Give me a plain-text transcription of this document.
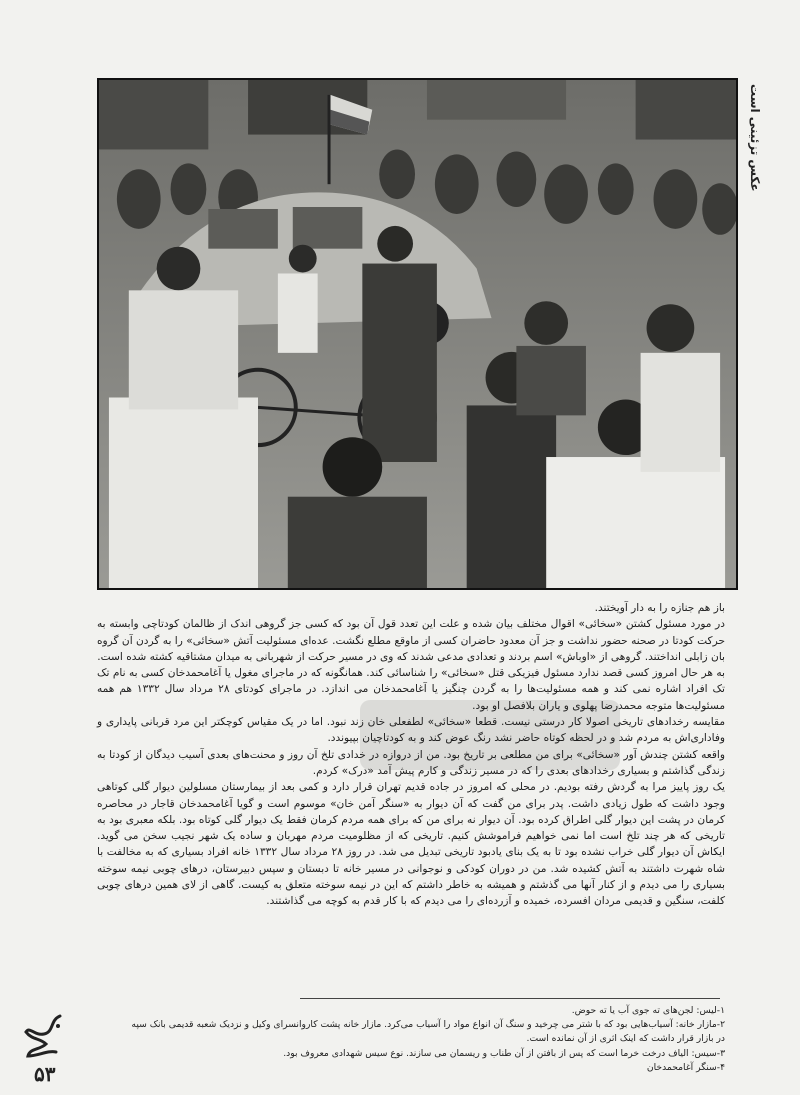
عکس تزئینی است

باز هم جنازه را به دار آویختند.

در مورد مسئول کشتن «سخائی» اقوال مختلف بیان شده و علت این تعدد قول آن بود که کسی جز گروهی اندک از ظالمان کودتاچی وابسته به حرکت کودتا در صحنه حضور نداشت و جز آن معدود حاضران کسی از ماوقع مطلع نگشت. عده‌ای مسئولیت آتش «سخائی» را به گردن آن گروه بان زابلی انداختند. گروهی از «اوباش» اسم بردند و تعدادی مدعی شدند که وی در مسیر حرکت از شهربانی به میدان مشتاقیه کشته شده است.

به هر حال امروز کسی قصد ندارد مسئول فیزیکی قتل «سخائی» را شناسائی کند. همانگونه که در ماجرای مغول یا آغامحمدخان کسی به نام تک تک افراد اشاره نمی کند و همه مسئولیت‌ها را به گردن چنگیز یا آغامحمدخان می اندازد. در ماجرای کودتای ۲۸ مرداد سال ۱۳۳۲ هم همه مسئولیت‌ها متوجه محمدرضا پهلوی و یاران بلافصل او بود.

مقایسه رخدادهای تاریخی اصولا کار درستی نیست. قطعا «سخائی» لطفعلی خان زند نبود. اما در یک مقیاس کوچکتر این مرد قربانی پایداری و وفاداری‌اش به مردم شد و در لحظه کوتاه حاضر نشد رنگ عوض کند و به کودتاچیان بپیوندد.

واقعه کشتن چندش آور «سخائی» برای من مطلعی بر تاریخ بود. من از دروازه در خدادی تلخ آن روز و محنت‌های بعدی آسیب دیدگان از کودتا به زندگی گذاشتم و بسیاری رخدادهای بعدی را که در مسیر زندگی و کارم پیش آمد «درک» کردم.

یک روز پاییز مرا به گردش رفته بودیم. در محلی که امروز در جاده قدیم تهران قرار دارد و کمی بعد از بیمارستان مسلولین دیوار گلی کوتاهی وجود داشت که طول زیادی داشت. پدر برای من گفت که آن دیوار به «سنگر آمن خان» موسوم است و گویا آغامحمدخان قاجار در محاصره کرمان در پشت این دیوار گلی اطراق کرده بود. آن دیوار نه برای من که برای همه مردم کرمان فقط یک دیوار گلی کوتاه بود. بلکه معبری بود به تاریخی که هر چند تلخ است اما نمی خواهیم فراموشش کنیم. تاریخی که از مظلومیت مردم مهربان و ساده یک شهر نجیب سخن می گوید. ایکاش آن دیوار گلی خراب نشده بود تا به یک بنای یادبود تاریخی تبدیل می شد. در روز ۲۸ مرداد سال ۱۳۳۲ خانه افراد بسیاری که به مخالفت با شاه شهرت داشتند به آتش کشیده شد. من در دوران کودکی و نوجوانی در مسیر خانه تا دبستان و سپس دبیرستان، درهای چوبی نیمه سوخته بسیاری را می دیدم و از کنار آنها می گذشتم و همیشه به خاطر داشتم که این در نیمه سوخته متعلق به کیست. گاهی از لای همین درهای چوبی کلفت، سنگین و قدیمی مردان افسرده، خمیده و آزرده‌ای را می دیدم که با کار قدم به کوچه می گذاشتند.

۱-لیس: لجن‌های ته جوی آب یا ته حوض.

۲-مازار خانه: آسیاب‌هایی بود که با شتر می چرخید و سنگ آن انواع مواد را آسیاب می‌کرد. مازار خانه پشت کاروانسرای وکیل و نزدیک شعبه قدیمی بانک سپه در بازار قرار داشت که اینک اثری از آن نمانده است.

۳-سیس: الیاف درخت خرما است که پس از بافتن از آن طناب و ریسمان می سازند. نوع سیس شهدادی معروف بود.

۴-سنگر آغامحمدخان

۵۳
